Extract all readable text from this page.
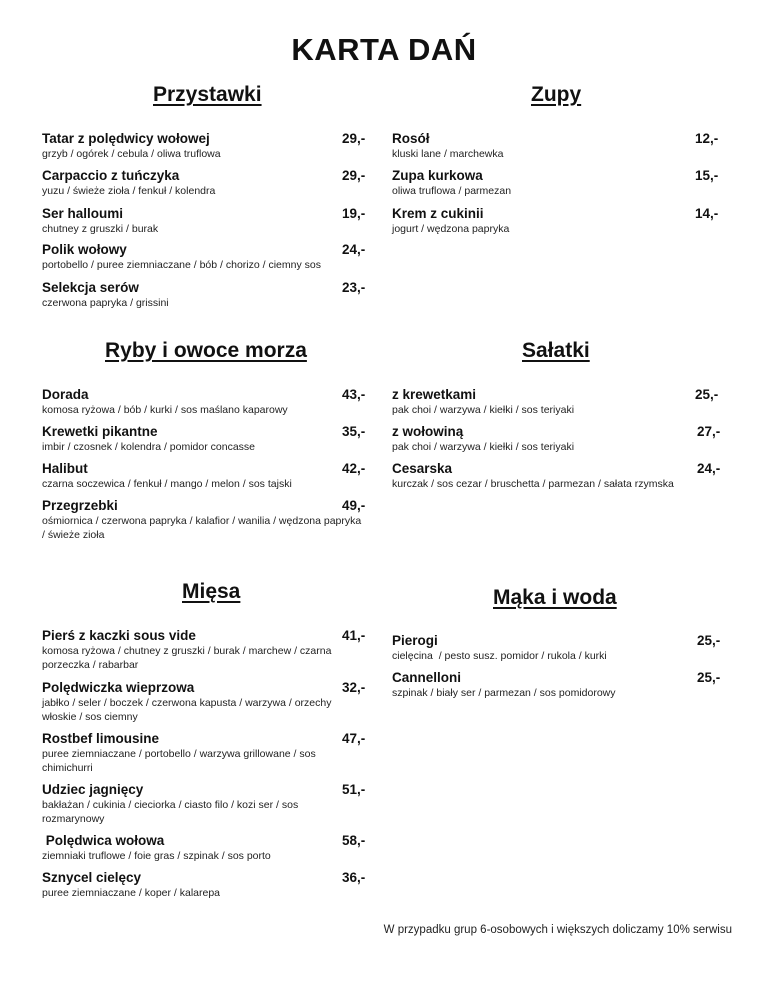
KARTA DAŃ
Przystawki	Zupy
Ryby i owoce morza	Sałatki
Mięsa	Mąka i woda
Tatar z polędwicy wołowej	29,-
grzyb / ogórek / cebula / oliwa truflowa
Carpaccio z tuńczyka	29,-
yuzu / świeże zioła / fenkuł / kolendra
Ser halloumi	19,-
chutney z gruszki / burak
Polik wołowy	24,-
portobello / puree ziemniaczane / bób / chorizo / ciemny sos
Selekcja serów	23,-
czerwona papryka / grissini
Rosół	12,-
kluski lane / marchewka
Zupa kurkowa	15,-
oliwa truflowa / parmezan
Krem z cukinii	14,-
jogurt / wędzona papryka
Dorada	43,-
komosa ryżowa / bób / kurki / sos maślano kaparowy
Krewetki pikantne	35,-
imbir / czosnek / kolendra / pomidor concasse
Halibut	42,-
czarna soczewica / fenkuł / mango / melon / sos tajski
Przegrzebki	49,-
ośmiornica / czerwona papryka / kalafior / wanilia / wędzona papryka / świeże zioła
z krewetkami	25,-
pak choi / warzywa / kiełki / sos teriyaki
z wołowiną	27,-
pak choi / warzywa / kiełki / sos teriyaki
Cesarska	24,-
kurczak / sos cezar / bruschetta / parmezan / sałata rzymska
Pierś z kaczki sous vide	41,-
komosa ryżowa / chutney z gruszki / burak / marchew / czarna porzeczka / rabarbar
Polędwiczka wieprzowa	32,-
jabłko / seler / boczek / czerwona kapusta / warzywa / orzechy włoskie / sos ciemny
Rostbef limousine	47,-
puree ziemniaczane / portobello / warzywa grillowane / sos chimichurri
Udziec jagnięcy	51,-
bakłażan / cukinia / cieciorka / ciasto filo / kozi ser / sos rozmarynowy
Polędwica wołowa	58,-
ziemniaki truflowe / foie gras / szpinak / sos porto
Sznycel cielęcy	36,-
puree ziemniaczane / koper / kalarepa
Pierogi	25,-
cielęcina  / pesto susz. pomidor / rukola / kurki
Cannelloni	25,-
szpinak / biały ser / parmezan / sos pomidorowy
W przypadku grup 6-osobowych i większych doliczamy 10% serwisu
